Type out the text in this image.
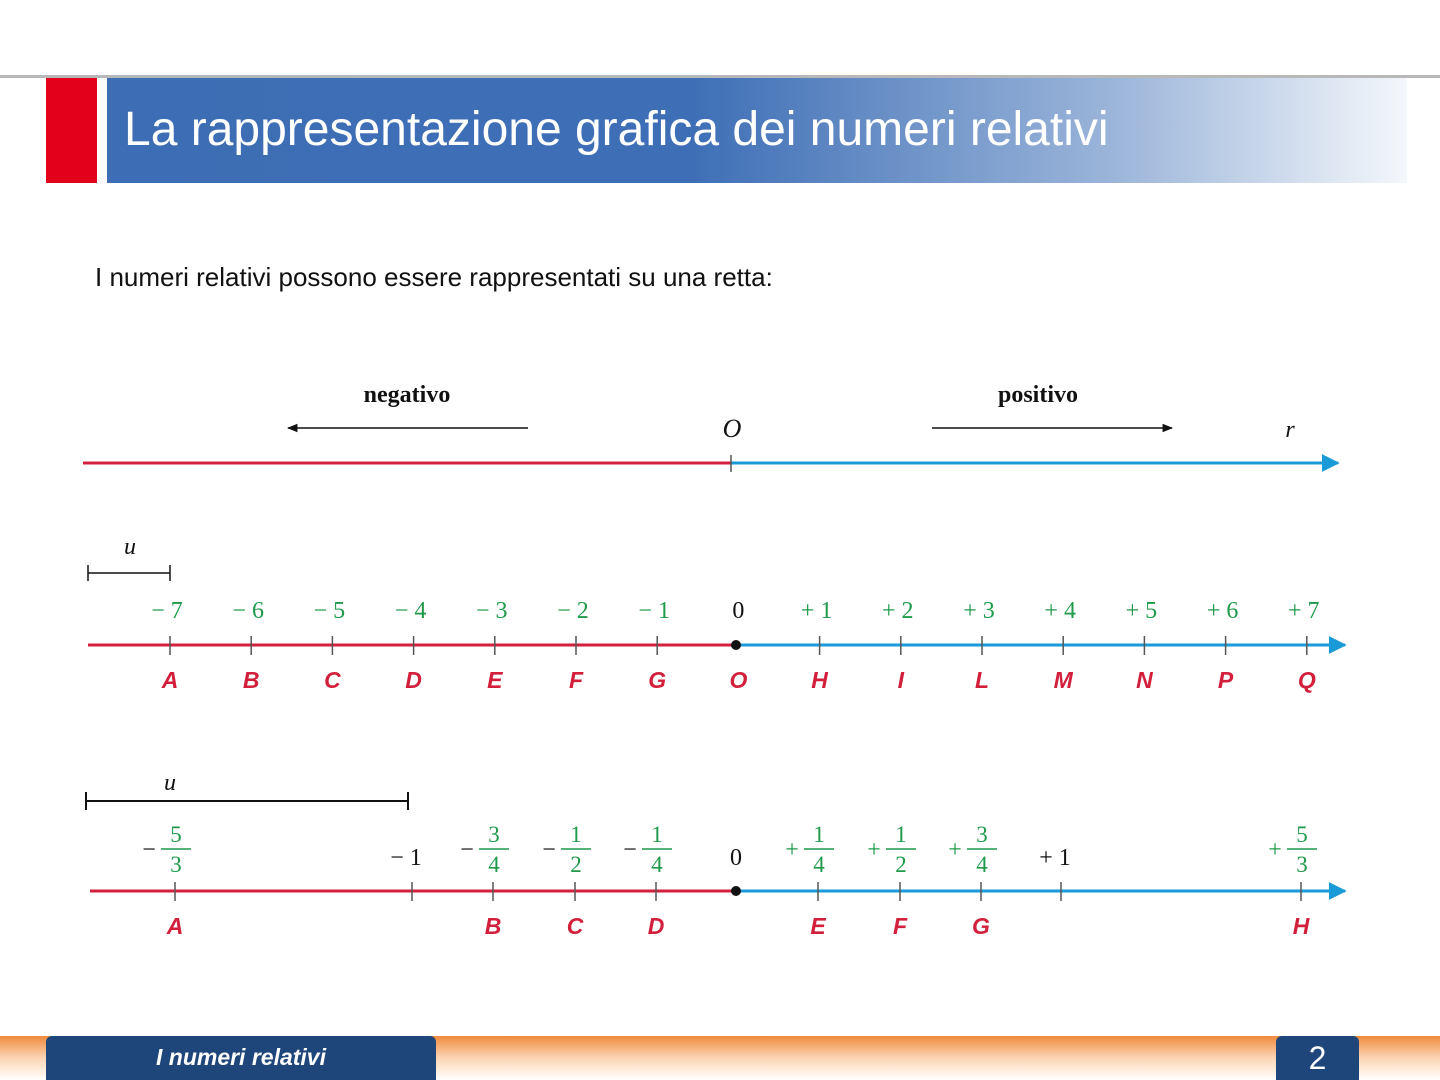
La rappresentazione grafica dei numeri relativi

I numeri relativi possono essere rappresentati su una retta:

negativo	positivo
O	r
u
− 7
A
− 6
B
− 5
C
− 4
D
− 3
E
− 2
F
− 1
G
0
O
+ 1
H
+ 2
I
+ 3
L
+ 4
M
+ 5
N
+ 6
P
+ 7
Q
u
−
5
3
A
− 1 −
3
4
B
−
1
2
C
−
1
4
D
0 +
1
4
E
+
1
2
F
+
3
4
G
+ 1	+
5
3
H
I numeri relativi	2
